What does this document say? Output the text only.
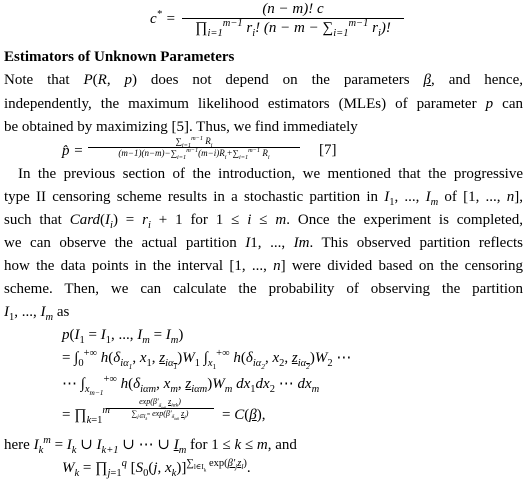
$c^* = \frac{(n - m)! c}{\prod_{i=1}^{m-1} r_i! (n - m - \sum_{i=1}^{m-1} r_i)!}$
Estimators of Unknown Parameters
Note that P(R, p) does not depend on the parameters β, and hence,
independently, the maximum likelihood estimators (MLEs) of parameter p can
be obtained by maximizing [5]. Thus, we find immediately
p̂ = $\frac{\sum_{i=1}^{m-1} R_i}{(m-1)(n-m)-\sum_{i=1}^{m-1}(m-i)R_i+\sum_{i=1}^{m-1} R_i} [7]$
In the previous section of the introduction, we mentioned that the progressive
type II censoring scheme results in a stochastic partition in $I_1$, ..., $I_m$ of [1, ..., n],
such that $Card(I_i) = r_i + 1$ for 1 ≤ i ≤ m. Once the experiment is completed,
we can observe the actual partition I1, ..., Im. This observed partition reflects
how the data points in the interval [1, ..., n] were divided based on the censoring
scheme. Then, we can calculate the probability of observing the partition
$I_1$, ..., $I_m$ as
$p(I_1 = I_1$, ..., $I_m = I_m$)
= $\int_0^{+\infty}$ $h(\delta_{i\alpha_1}$, $x_1$, $z_{i\alpha_1})W_1$ $\int_{x_1}^{+\infty}$ $h(\delta_{i\alpha_2}$, $x_2$, $z_{i\alpha_2})W_2$ ⋯
⋯ $\int_{x_{m-1}}^{+\infty}$ $h(\delta_{i\alpha m}$, $x_m$, $z_{i\alpha m})W_m$ $dx_1dx_2$ ⋯ $dx_m$
= $\prod_{k=1}^m$
$\exp(\beta'_{\delta_{i\alpha k}}$ $z_{i\alpha k}$)
$\sum_{j\in I_k^m}$ $\exp(\beta'_{\delta_{i\alpha k}}$ $z_j$)	= C(β),
here $I_k^m = I_k$ ∪ $I_{k+1}$ ∪ ⋯ ∪ $I_m$ for 1 ≤ k ≤ m, and
$W_k$ = $\prod_{j=1}^q$ [$S_0(j$, $x_k)]^{\sum_{l\in I_k} exp(\beta'_jz_l)}$.
